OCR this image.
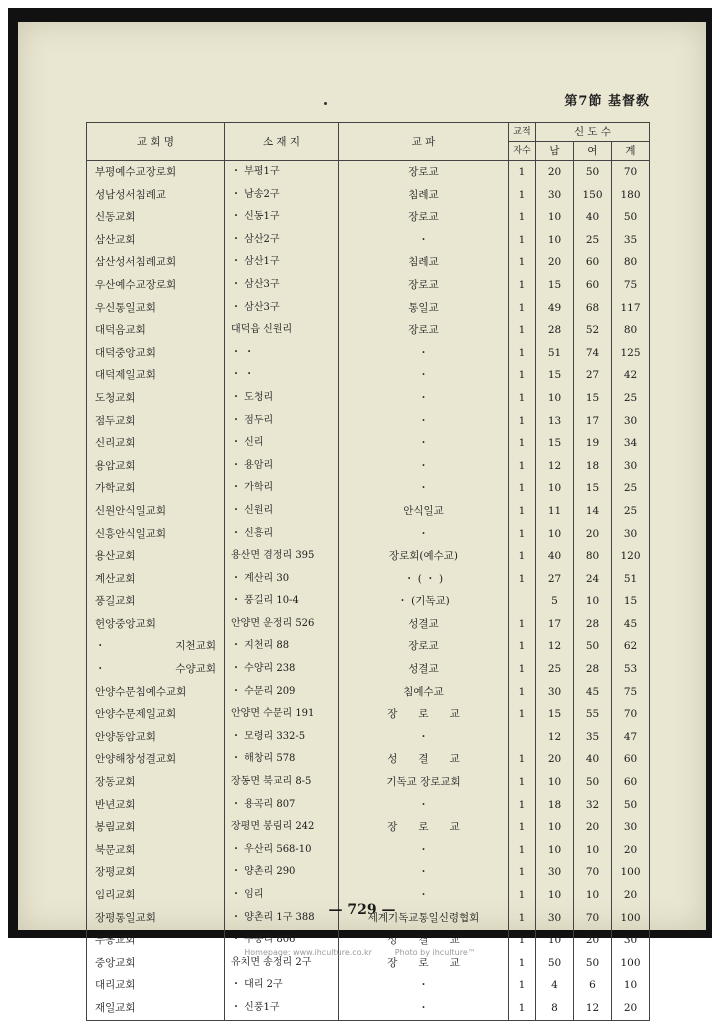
第7節 基督敎
교 회 명	소 재 지	교 파	교적	신 도 수		
			자수	남	여	계
부평예수교장로회	・ 부평1구	장로교	1	20	50	70
성남성서침례교	・ 남송2구	침례교	1	30	150	180
신동교회	・ 신동1구	장로교	1	10	40	50
삼산교회	・ 삼산2구	・	1	10	25	35
삼산성서침례교회	・ 삼산1구	침례교	1	20	60	80
우산예수교장로회	・ 삼산3구	장로교	1	15	60	75
우신통일교회	・ 삼산3구	통일교	1	49	68	117
대덕음교회	대덕읍 신원리	장로교	1	28	52	80
대덕중앙교회	・ ・	・	1	51	74	125
대덕제일교회	・ ・	・	1	15	27	42
도청교회	・ 도청리	・	1	10	15	25
점두교회	・ 점두리	・	1	13	17	30
신리교회	・ 신리	・	1	15	19	34
용암교회	・ 용암리	・	1	12	18	30
가학교회	・ 가학리	・	1	10	15	25
신원안식일교회	・ 신원리	안식일교	1	11	14	25
신흥안식일교회	・ 신흥리	・	1	10	20	30
용산교회	용산면 겸정리 395	장로회(예수교)	1	40	80	120
계산교회	・ 계산리 30	・ ( ・ )	1	27	24	51
풍길교회	・ 풍길리 10-4	・ (기독교)		5	10	15
헌앙중앙교회	안양면 운정리 526	성결교	1	17	28	45
・ 지천교회	・ 지천리 88	장로교	1	12	50	62
・ 수양교회	・ 수양리 238	성결교	1	25	28	53
안양수문침예수교회	・ 수문리 209	침예수교	1	30	45	75
안양수문제일교회	안양면 수문리 191	장　　로　　교	1	15	55	70
안양동암교회	・ 모령리 332-5	・		12	35	47
안양해창성결교회	・ 해창리 578	성　　결　　교	1	20	40	60
장동교회	장동면 북교리 8-5	기독교 장로교회	1	10	50	60
반년교회	・ 용곡리 807	・	1	18	32	50
봉림교회	장평면 봉림리 242	장　　로　　교	1	10	20	30
북문교회	・ 우산리 568-10	・	1	10	10	20
장평교회	・ 양촌리 290	・	1	30	70	100
임리교회	・ 임리	・	1	10	10	20
장평통일교회	・ 양촌리 1구 388	세계기독교통일신령협회	1	30	70	100
두봉교회	・ 두봉리 806	성　　결　　교	1	10	20	30
중앙교회	유치면 송정리 2구	장　　로　　교	1	50	50	100
대리교회	・ 대리 2구	・	1	4	6	10
재일교회	・ 신풍1구	・	1	8	12	20
— 729 —
Homepage: www.ihculture.co.kr	Photo by ihculture™
